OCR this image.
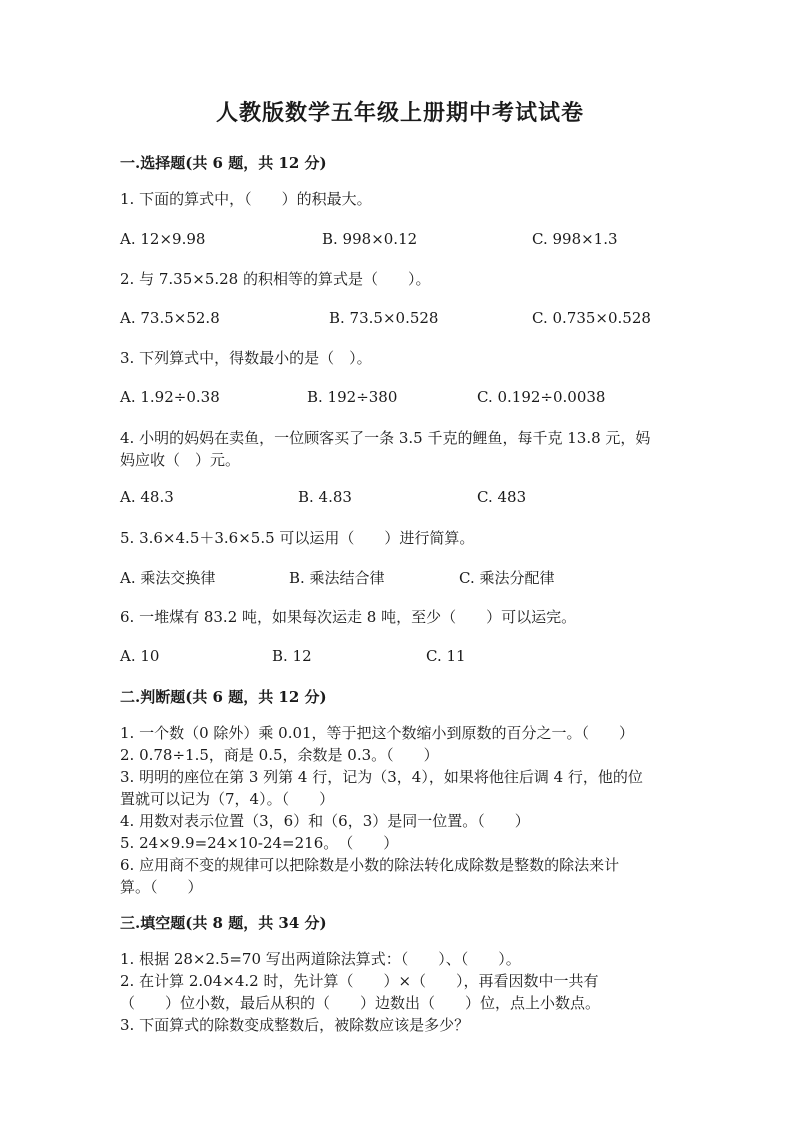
人教版数学五年级上册期中考试试卷
一.选择题(共 6 题，共 12 分)
1. 下面的算式中，（　　）的积最大。
A. 12×9.98	B. 998×0.12	C. 998×1.3
2. 与 7.35×5.28 的积相等的算式是（　　）。
A. 73.5×52.8	B. 73.5×0.528	C. 0.735×0.528
3. 下列算式中，得数最小的是（　）。
A. 1.92÷0.38	B. 192÷380	C. 0.192÷0.0038
4. 小明的妈妈在卖鱼，一位顾客买了一条 3.5 千克的鲤鱼，每千克 13.8 元，妈
妈应收（　）元。
A. 48.3	B. 4.83	C. 483
5. 3.6×4.5＋3.6×5.5 可以运用（　　）进行简算。
A. 乘法交换律	B. 乘法结合律	C. 乘法分配律
6. 一堆煤有 83.2 吨，如果每次运走 8 吨，至少（　　）可以运完。
A. 10	B. 12	C. 11
二.判断题(共 6 题，共 12 分)
1. 一个数（0 除外）乘 0.01，等于把这个数缩小到原数的百分之一。（　　）
2. 0.78÷1.5，商是 0.5，余数是 0.3。（　　）
3. 明明的座位在第 3 列第 4 行，记为（3，4），如果将他往后调 4 行，他的位
置就可以记为（7，4）。（　　）
4. 用数对表示位置（3，6）和（6，3）是同一位置。（　　）
5. 24×9.9=24×10-24=216。　（　　）
6. 应用商不变的规律可以把除数是小数的除法转化成除数是整数的除法来计
算。（　　）
三.填空题(共 8 题，共 34 分)
1. 根据 28×2.5=70 写出两道除法算式：（　　）、（　　）。
2. 在计算 2.04×4.2 时，先计算（　　）×（　　），再看因数中一共有
（　　）位小数，最后从积的（　　）边数出（　　）位，点上小数点。
3. 下面算式的除数变成整数后，被除数应该是多少？
